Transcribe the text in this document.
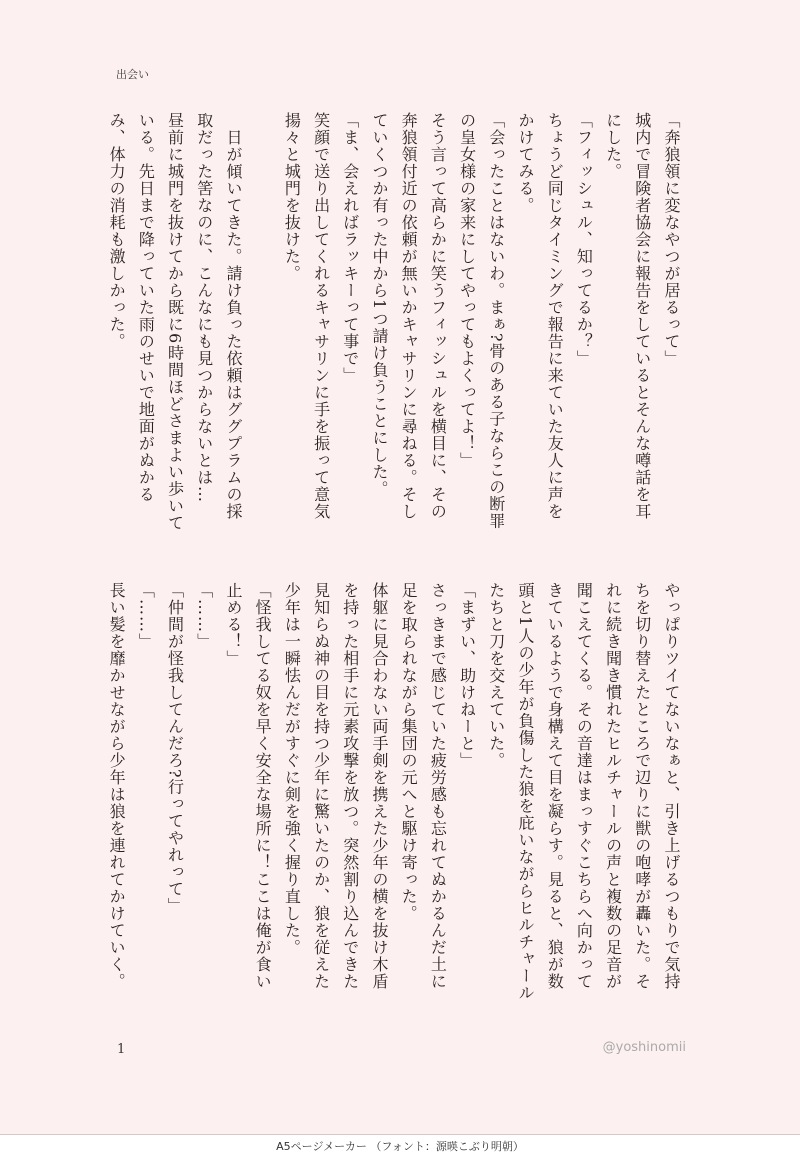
出会い

「奔狼領に変なやつが居るって」

城内で冒険者協会に報告をしているとそんな噂話を耳にした。

「フィッシュル、知ってるか？」

ちょうど同じタイミングで報告に来ていた友人に声をかけてみる。

「会ったことはないわ。まぁ?骨のある子ならこの断罪の皇女様の家来にしてやってもよくってよ！」

そう言って高らかに笑うフィッシュルを横目に、その奔狼領付近の依頼が無いかキャサリンに尋ねる。そしていくつか有った中から1つ請け負うことにした。

「ま、会えればラッキーって事で」

笑顔で送り出してくれるキャサリンに手を振って意気揚々と城門を抜けた。

　日が傾いてきた。請け負った依頼はググプラムの採取だった筈なのに、こんなにも見つからないとは…

昼前に城門を抜けてから既に6時間ほどさまよい歩いている。先日まで降っていた雨のせいで地面がぬかるみ、体力の消耗も激しかった。

やっぱりツイてないなぁと、引き上げるつもりで気持ちを切り替えたところで辺りに獣の咆哮が轟いた。それに続き聞き慣れたヒルチャールの声と複数の足音が聞こえてくる。その音達はまっすぐこちらへ向かってきているようで身構えて目を凝らす。見ると、狼が数頭と1人の少年が負傷した狼を庇いながらヒルチャールたちと刀を交えていた。

「まずい、助けねーと」

さっきまで感じていた疲労感も忘れてぬかるんだ土に足を取られながら集団の元へと駆け寄った。

体躯に見合わない両手剣を携えた少年の横を抜け木盾を持った相手に元素攻撃を放つ。突然割り込んできた見知らぬ神の目を持つ少年に驚いたのか、狼を従えた少年は一瞬怯んだがすぐに剣を強く握り直した。

「怪我してる奴を早く安全な場所に！ここは俺が食い止める！」

「……」

「仲間が怪我してんだろ?行ってやれって」

「……」

長い髪を靡かせながら少年は狼を連れてかけていく。

1	@yoshinomii
A5ページメーカー （フォント：源暎こぶり明朝）
